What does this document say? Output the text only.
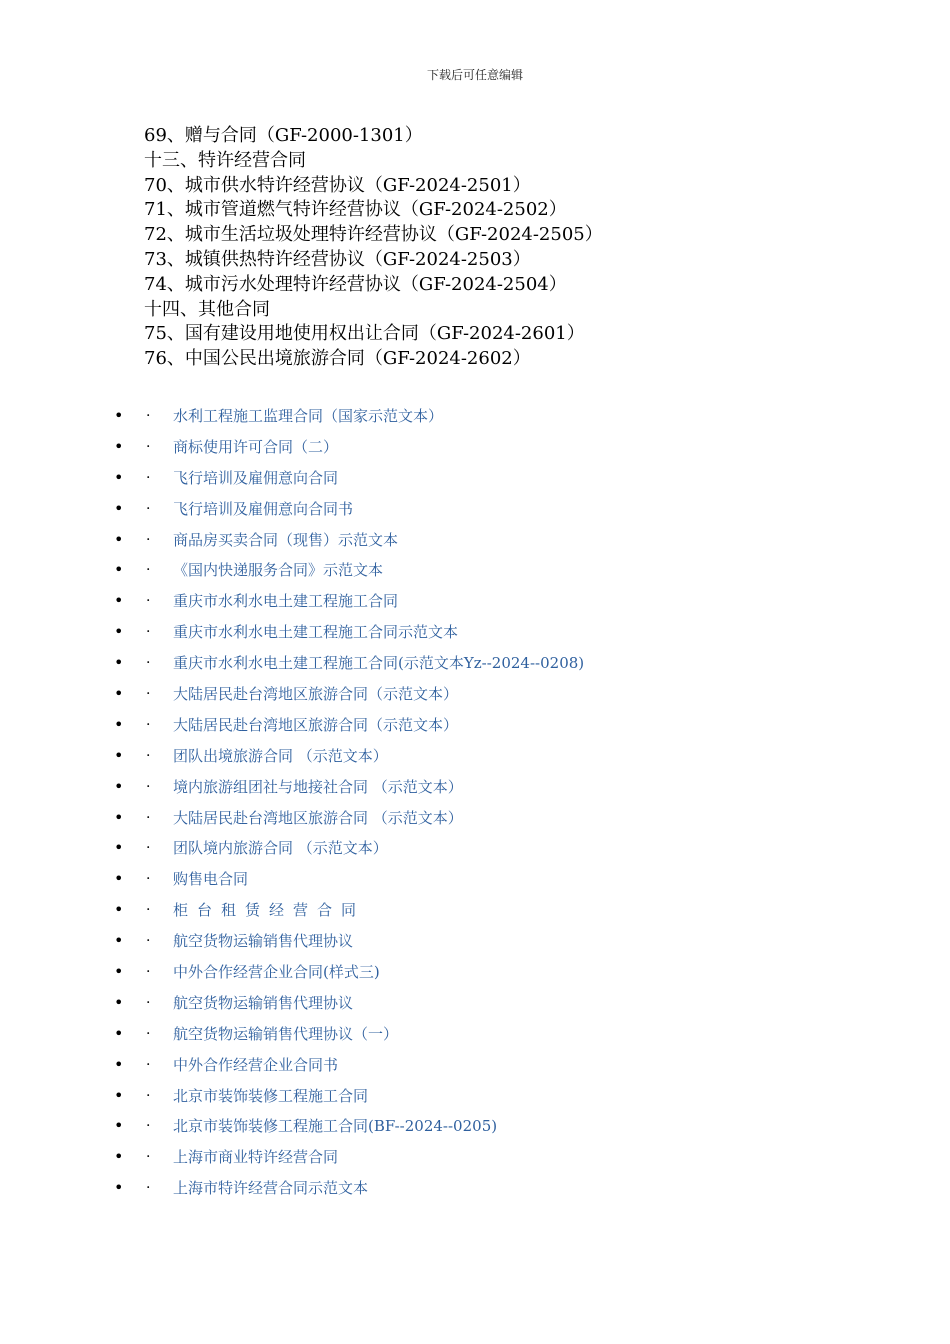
下载后可任意编辑
69、赠与合同（GF-2000-1301）
十三、特许经营合同
70、城市供水特许经营协议（GF-2024-2501）
71、城市管道燃气特许经营协议（GF-2024-2502）
72、城市生活垃圾处理特许经营协议（GF-2024-2505）
73、城镇供热特许经营协议（GF-2024-2503）
74、城市污水处理特许经营协议（GF-2024-2504）
十四、其他合同
75、国有建设用地使用权出让合同（GF-2024-2601）
76、中国公民出境旅游合同（GF-2024-2602）
• · 水利工程施工监理合同（国家示范文本）
• · 商标使用许可合同（二）
• · 飞行培训及雇佣意向合同
• · 飞行培训及雇佣意向合同书
• · 商品房买卖合同（现售）示范文本
• · 《国内快递服务合同》示范文本
• · 重庆市水利水电土建工程施工合同
• · 重庆市水利水电土建工程施工合同示范文本
• · 重庆市水利水电土建工程施工合同(示范文本Yz--2024--0208)
• · 大陆居民赴台湾地区旅游合同（示范文本）
• · 大陆居民赴台湾地区旅游合同（示范文本）
• · 团队出境旅游合同 （示范文本）
• · 境内旅游组团社与地接社合同 （示范文本）
• · 大陆居民赴台湾地区旅游合同 （示范文本）
• · 团队境内旅游合同 （示范文本）
• · 购售电合同
• · 柜台租赁经营合同
• · 航空货物运输销售代理协议
• · 中外合作经营企业合同(样式三)
• · 航空货物运输销售代理协议
• · 航空货物运输销售代理协议（一）
• · 中外合作经营企业合同书
• · 北京市装饰装修工程施工合同
• · 北京市装饰装修工程施工合同(BF--2024--0205)
• · 上海市商业特许经营合同
• · 上海市特许经营合同示范文本
